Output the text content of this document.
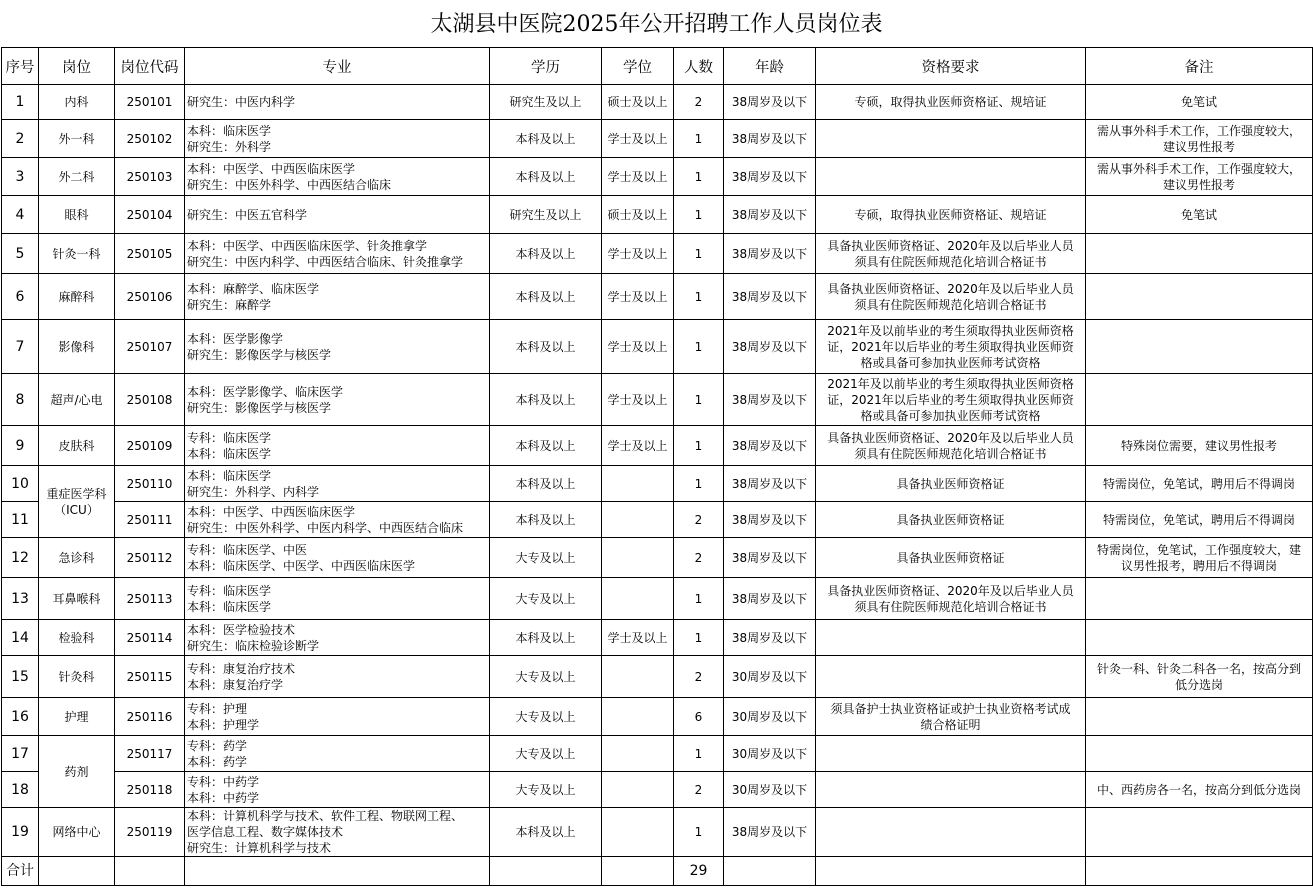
太湖县中医院2025年公开招聘工作人员岗位表
序号	岗位	岗位代码	专业	学历	学位	人数	年龄	资格要求	备注
1	内科	250101	研究生：中医内科学	研究生及以上	硕士及以上	2	38周岁及以下	专硕，取得执业医师资格证、规培证	免笔试

2	外一科	250102	本科：临床医学
研究生：外科学	本科及以上	学士及以上	1	38周岁及以下		需从事外科手术工作，工作强度较大，
建议男性报考

3	外二科	250103	本科：中医学、中西医临床医学
研究生：中医外科学、中西医结合临床	本科及以上	学士及以上	1	38周岁及以下		需从事外科手术工作，工作强度较大，
建议男性报考

4	眼科	250104	研究生：中医五官科学	研究生及以上	硕士及以上	1	38周岁及以下	专硕，取得执业医师资格证、规培证	免笔试

5	针灸一科	250105	本科：中医学、中西医临床医学、针灸推拿学
研究生：中医内科学、中西医结合临床、针灸推拿学	本科及以上	学士及以上	1	38周岁及以下	具备执业医师资格证、2020年及以后毕业人员
须具有住院医师规范化培训合格证书	

6	麻醉科	250106	本科：麻醉学、临床医学
研究生：麻醉学	本科及以上	学士及以上	1	38周岁及以下	具备执业医师资格证、2020年及以后毕业人员
须具有住院医师规范化培训合格证书	

7	影像科	250107	本科：医学影像学
研究生：影像医学与核医学	本科及以上	学士及以上	1	38周岁及以下	2021年及以前毕业的考生须取得执业医师资格
证，2021年以后毕业的考生须取得执业医师资
格或具备可参加执业医师考试资格	

8	超声/心电	250108	本科：医学影像学、临床医学
研究生：影像医学与核医学	本科及以上	学士及以上	1	38周岁及以下	2021年及以前毕业的考生须取得执业医师资格
证，2021年以后毕业的考生须取得执业医师资
格或具备可参加执业医师考试资格	

9	皮肤科	250109	专科：临床医学
本科：临床医学	本科及以上	学士及以上	1	38周岁及以下	具备执业医师资格证、2020年及以后毕业人员
须具有住院医师规范化培训合格证书	特殊岗位需要，建议男性报考

10	重症医学科（ICU）	250110	本科：临床医学
研究生：外科学、内科学	本科及以上		1	38周岁及以下	具备执业医师资格证	特需岗位，免笔试，聘用后不得调岗

11		250111	本科：中医学、中西医临床医学
研究生：中医外科学、中医内科学、中西医结合临床	本科及以上		2	38周岁及以下	具备执业医师资格证	特需岗位，免笔试，聘用后不得调岗

12	急诊科	250112	专科：临床医学、中医
本科：临床医学、中医学、中西医临床医学	大专及以上		2	38周岁及以下	具备执业医师资格证	特需岗位，免笔试，工作强度较大，建
议男性报考，聘用后不得调岗

13	耳鼻喉科	250113	专科：临床医学
本科：临床医学	大专及以上		1	38周岁及以下	具备执业医师资格证、2020年及以后毕业人员
须具有住院医师规范化培训合格证书	

14	检验科	250114	本科：医学检验技术
研究生：临床检验诊断学	本科及以上	学士及以上	1	38周岁及以下		
15	针灸科	250115	专科：康复治疗技术
本科：康复治疗学	大专及以上		2	30周岁及以下		针灸一科、针灸二科各一名，按高分到
低分选岗

16	护理	250116	专科：护理
本科：护理学	大专及以上		6	30周岁及以下	须具备护士执业资格证或护士执业资格考试成
绩合格证明	

17	药剂	250117	专科：药学
本科：药学	大专及以上		1	30周岁及以下		
18		250118	专科：中药学
本科：中药学	大专及以上		2	30周岁及以下		中、西药房各一名，按高分到低分选岗

19	网络中心	250119	本科：计算机科学与技术、软件工程、物联网工程、
医学信息工程、数字媒体技术
研究生：计算机科学与技术	本科及以上		1	38周岁及以下		
合计						29			
